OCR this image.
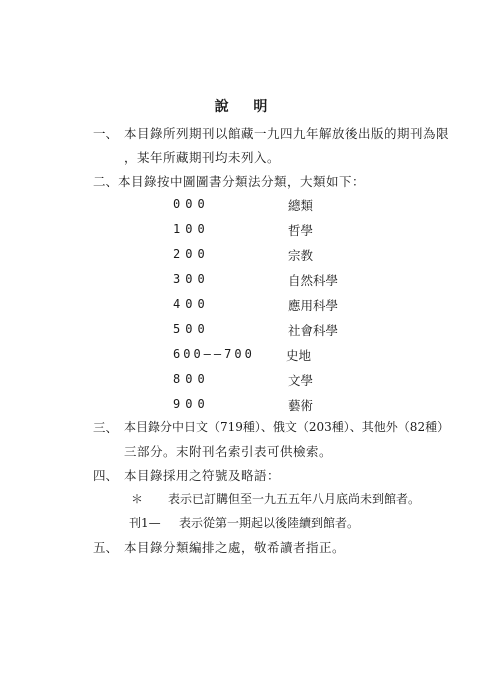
說 明
一、 本目錄所列期刊以館藏一九四九年解放後出版的期刊為限
，某年所藏期刊均未列入。
二、 本目錄按中圖圖書分類法分類，大類如下：
000	總類
100	哲學
200	宗教
300	自然科學
400	應用科學
500	社會科學
600——700 史地
800	文學
900	藝術
三、 本目錄分中日文（719種）、俄文（203種）、其他外（82種）
三部分。末附刊名索引表可供檢索。
四、 本目錄採用之符號及略語：
＊ 表示已訂購但至一九五五年八月底尚未到館者。
刊1— 表示從第一期起以後陸續到館者。
五、 本目錄分類編排之處，敬希讀者指正。
